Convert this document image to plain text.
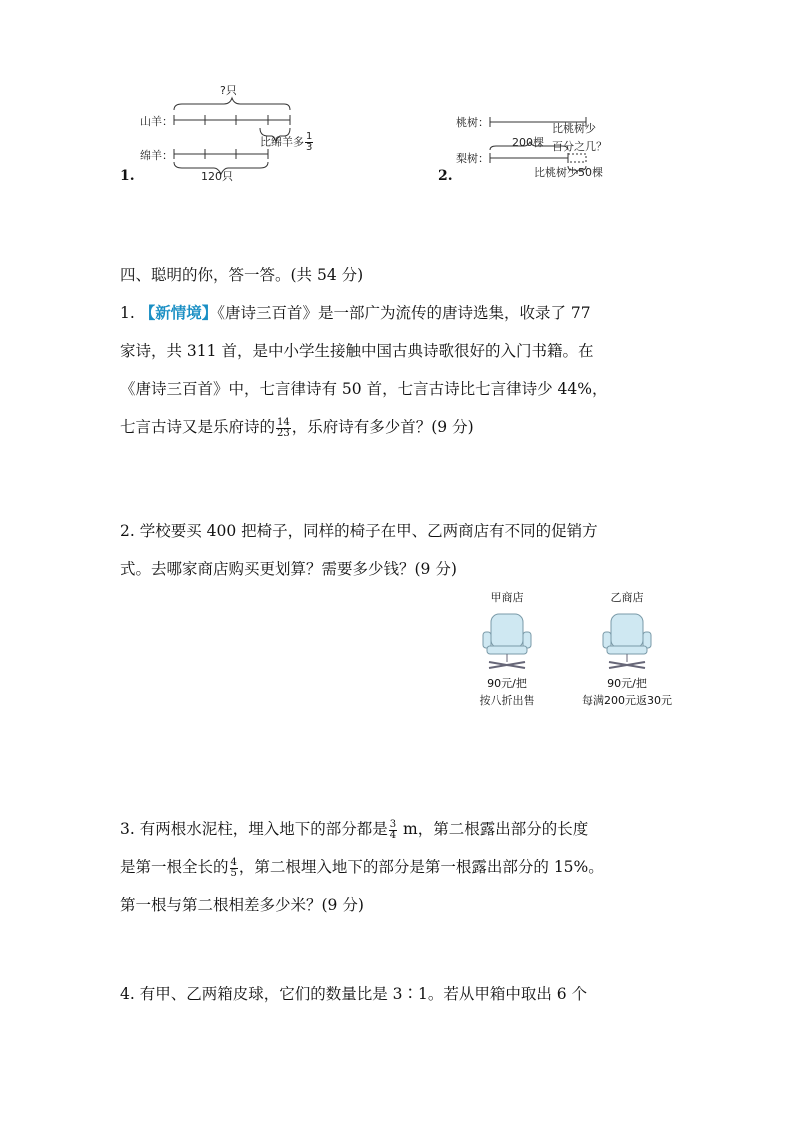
?只
山羊：
绵羊：
比绵羊多 $\frac{1}{3}$
120只
1.
桃树：
梨树：
200棵
比桃树少
百分之几？
比桃树少50棵
2.

四、聪明的你，答一答。(共 54 分)

1. 【新情境】《唐诗三百首》是一部广为流传的唐诗选集，收录了 77

家诗，共 311 首，是中小学生接触中国古典诗歌很好的入门书籍。在

《唐诗三百首》中，七言律诗有 50 首，七言古诗比七言律诗少 44%，

七言古诗又是乐府诗的 $\frac{14}{23}$ ，乐府诗有多少首？(9 分)

2. 学校要买 400 把椅子，同样的椅子在甲、乙两商店有不同的促销方

式。去哪家商店购买更划算？需要多少钱？(9 分)

甲商店
90元/把
按八折出售
乙商店
90元/把
每满200元返30元

3. 有两根水泥柱，埋入地下的部分都是 $\frac{3}{4}$ m，第二根露出部分的长度

是第一根全长的 $\frac{4}{5}$ ，第二根埋入地下的部分是第一根露出部分的 15%。

第一根与第二根相差多少米？(9 分)

4. 有甲、乙两箱皮球，它们的数量比是 3∶1。若从甲箱中取出 6 个
